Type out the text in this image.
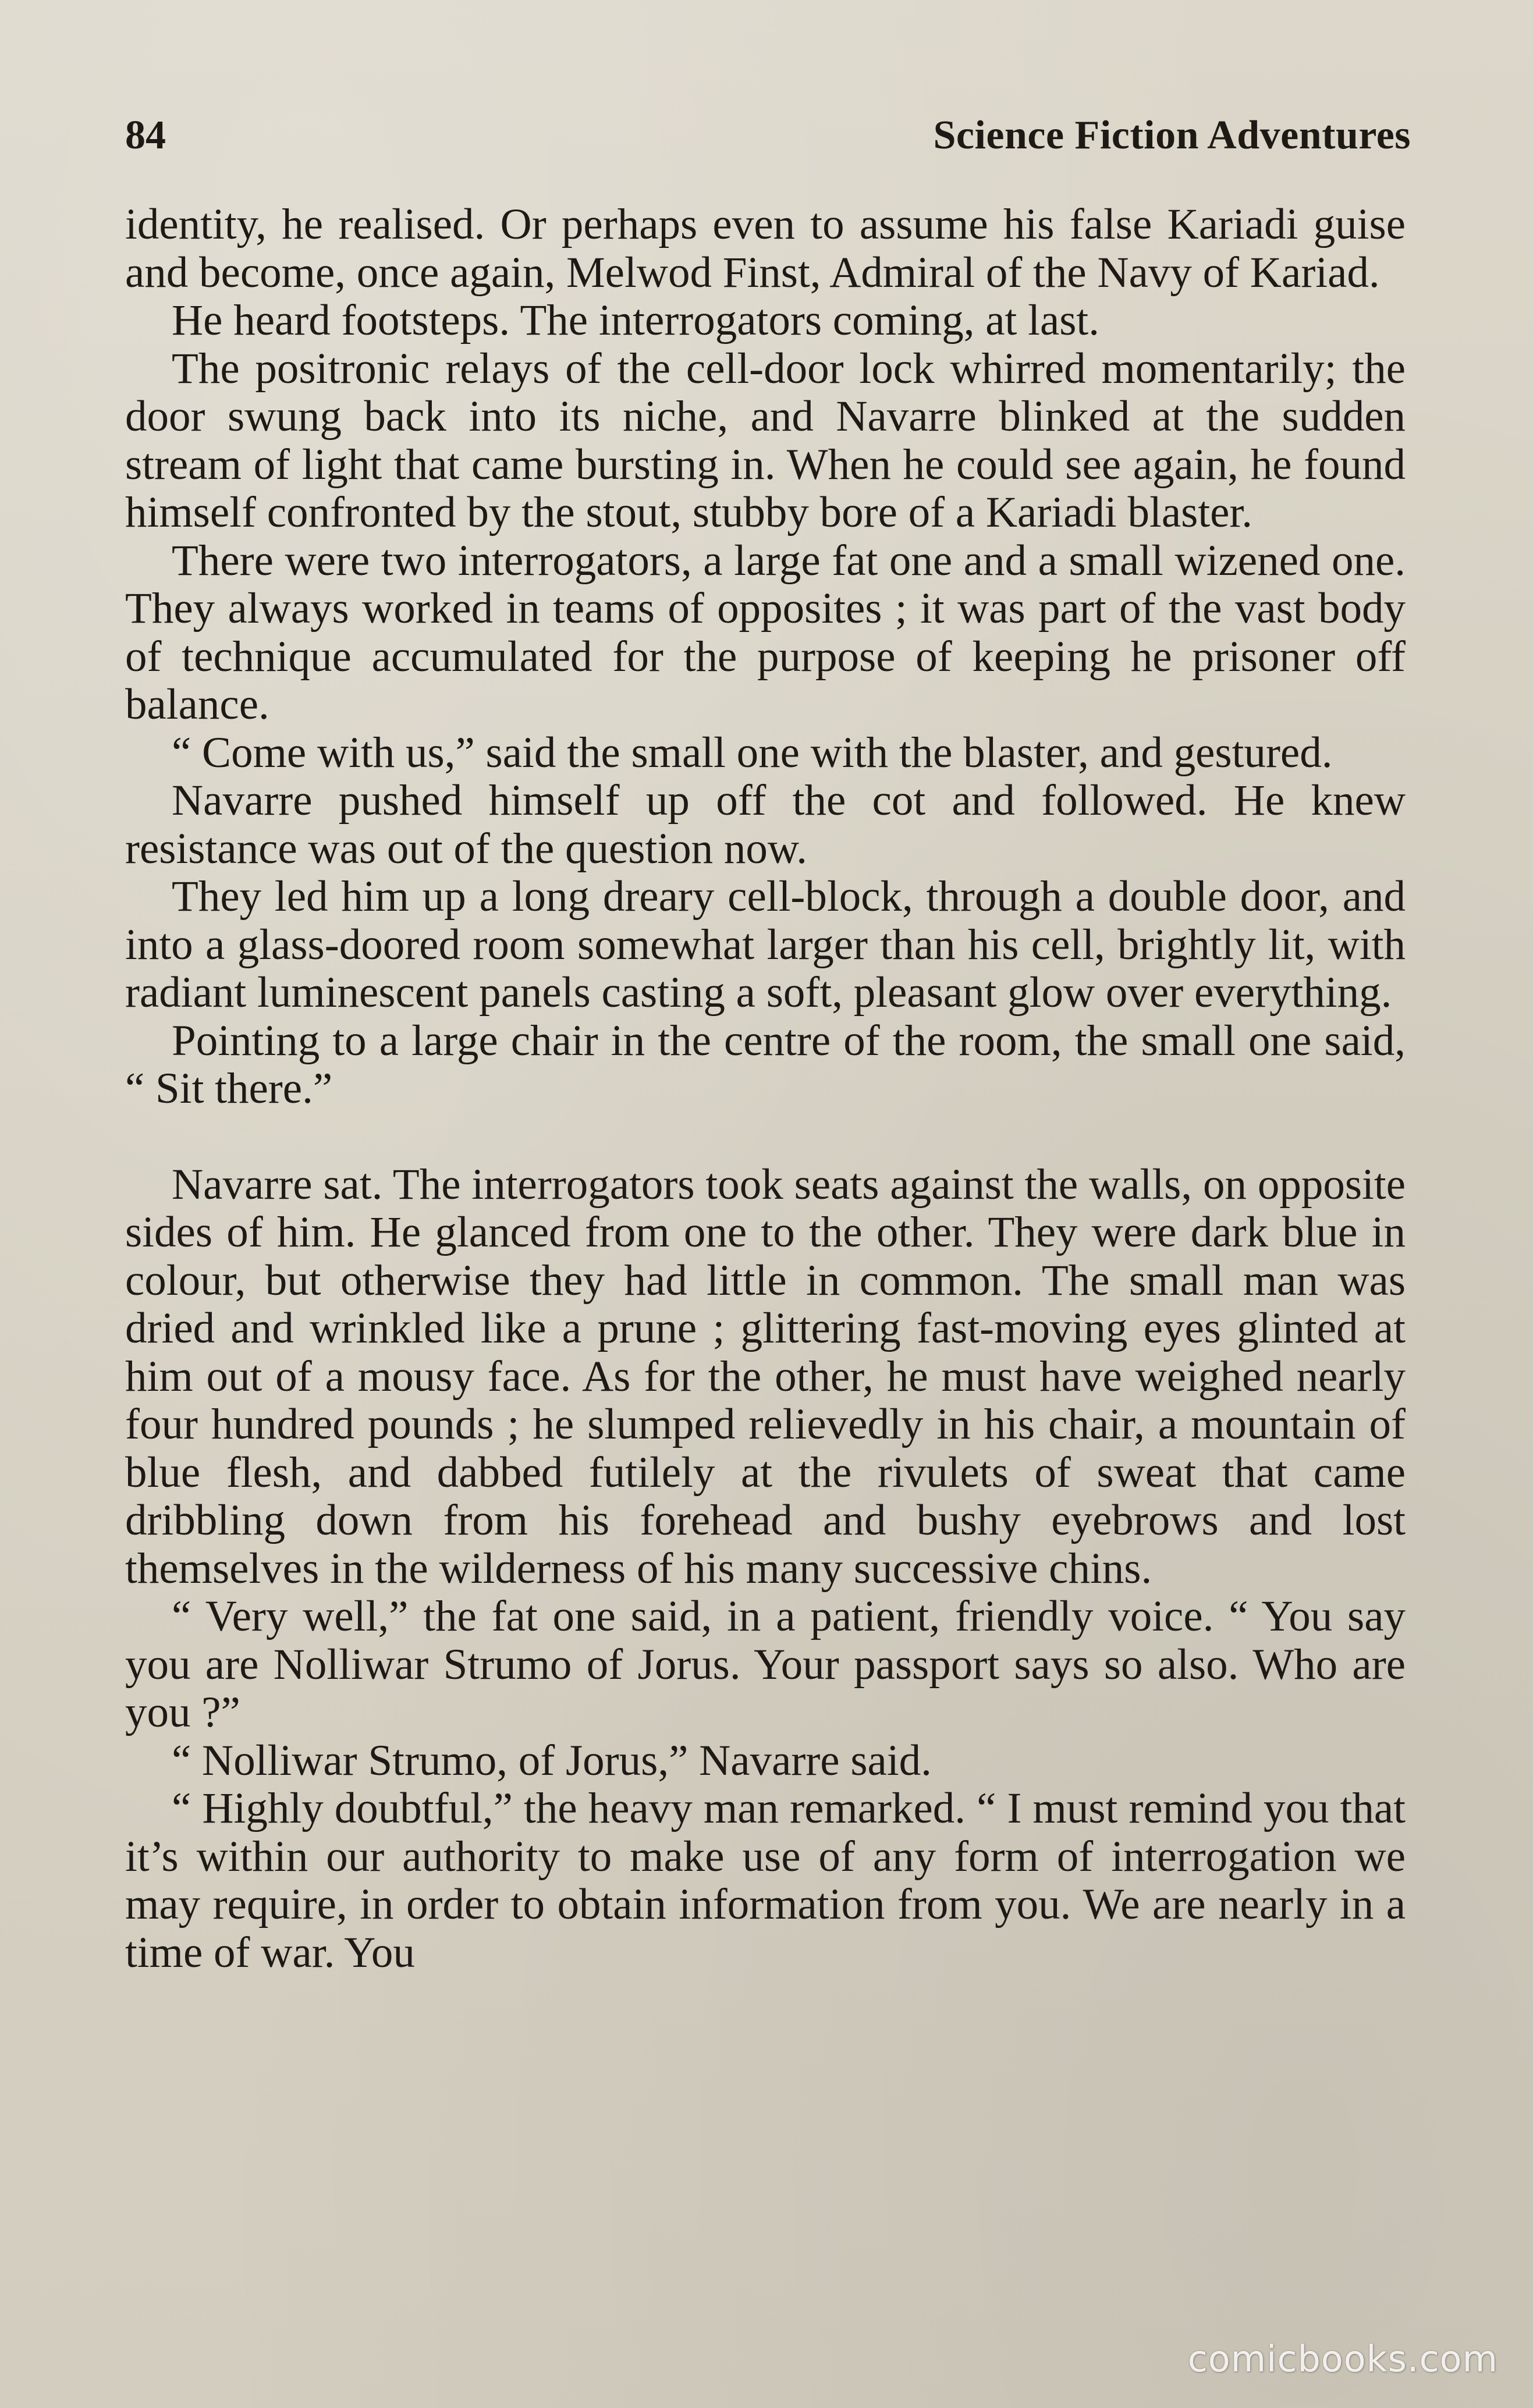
84	Science Fiction Adventures

identity, he realised. Or perhaps even to assume his false Kariadi guise and become, once again, Melwod Finst, Admiral of the Navy of Kariad.

He heard footsteps. The interrogators coming, at last.

The positronic relays of the cell-door lock whirred momentarily; the door swung back into its niche, and Navarre blinked at the sudden stream of light that came bursting in. When he could see again, he found himself confronted by the stout, stubby bore of a Kariadi blaster.

There were two interrogators, a large fat one and a small wizened one. They always worked in teams of opposites ; it was part of the vast body of technique accumulated for the purpose of keeping he prisoner off balance.

“ Come with us,” said the small one with the blaster, and gestured.

Navarre pushed himself up off the cot and followed. He knew resistance was out of the question now.

They led him up a long dreary cell-block, through a double door, and into a glass-doored room somewhat larger than his cell, brightly lit, with radiant luminescent panels casting a soft, pleasant glow over everything.

Pointing to a large chair in the centre of the room, the small one said, “ Sit there.”

Navarre sat. The interrogators took seats against the walls, on opposite sides of him. He glanced from one to the other. They were dark blue in colour, but otherwise they had little in common. The small man was dried and wrinkled like a prune ; glittering fast-moving eyes glinted at him out of a mousy face. As for the other, he must have weighed nearly four hundred pounds ; he slumped relievedly in his chair, a mountain of blue flesh, and dabbed futilely at the rivulets of sweat that came dribbling down from his forehead and bushy eyebrows and lost themselves in the wilderness of his many successive chins.

“ Very well,” the fat one said, in a patient, friendly voice. “ You say you are Nolliwar Strumo of Jorus. Your passport says so also. Who are you ?”

“ Nolliwar Strumo, of Jorus,” Navarre said.

“ Highly doubtful,” the heavy man remarked. “ I must remind you that it’s within our authority to make use of any form of interrogation we may require, in order to obtain information from you. We are nearly in a time of war. You

comicbooks.com
